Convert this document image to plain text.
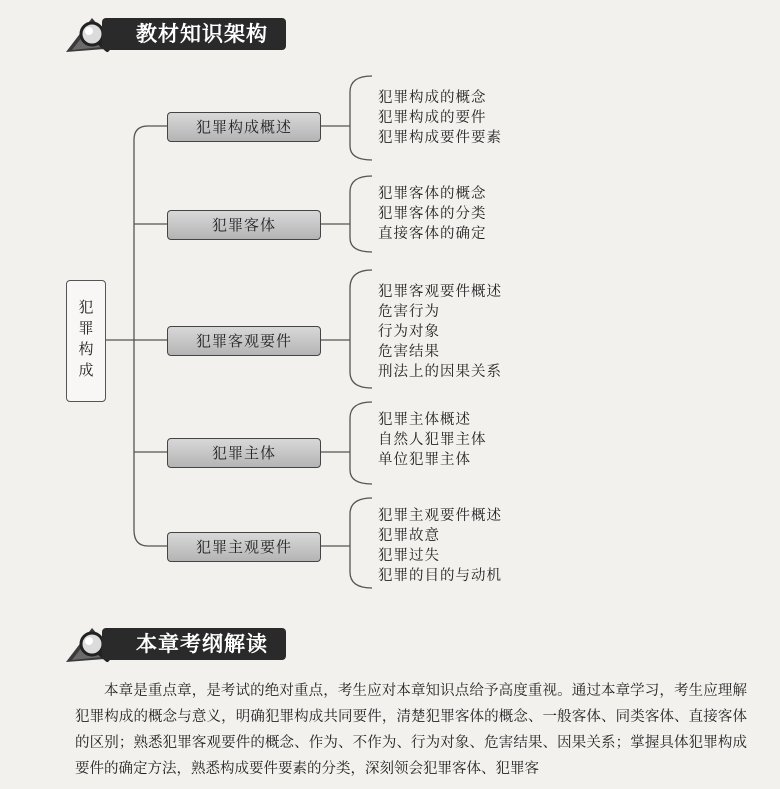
教材知识架构
犯罪构成
犯罪构成概述
犯罪客体
犯罪客观要件
犯罪主体
犯罪主观要件
犯罪构成的概念
犯罪构成的要件
犯罪构成要件要素
犯罪客体的概念
犯罪客体的分类
直接客体的确定
犯罪客观要件概述
危害行为
行为对象
危害结果
刑法上的因果关系
犯罪主体概述
自然人犯罪主体
单位犯罪主体
犯罪主观要件概述
犯罪故意
犯罪过失
犯罪的目的与动机
本章考纲解读

本章是重点章，是考试的绝对重点，考生应对本章知识点给予高度重视。通过本章学习，考生应理解犯罪构成的概念与意义，明确犯罪构成共同要件，清楚犯罪客体的概念、一般客体、同类客体、直接客体的区别；熟悉犯罪客观要件的概念、作为、不作为、行为对象、危害结果、因果关系；掌握具体犯罪构成要件的确定方法，熟悉构成要件要素的分类，深刻领会犯罪客体、犯罪客
